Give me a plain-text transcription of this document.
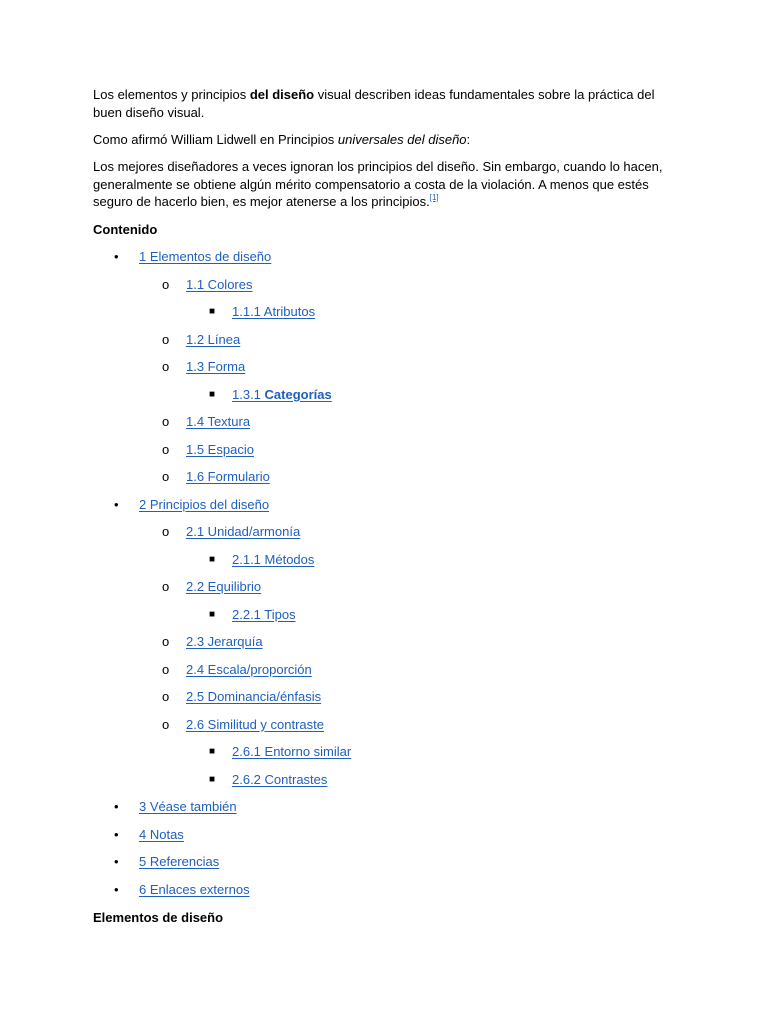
Los elementos y principios del diseño visual describen ideas fundamentales sobre la práctica del buen diseño visual.

Como afirmó William Lidwell en Principios universales del diseño:

Los mejores diseñadores a veces ignoran los principios del diseño. Sin embargo, cuando lo hacen, generalmente se obtiene algún mérito compensatorio a costa de la violación. A menos que estés seguro de hacerlo bien, es mejor atenerse a los principios.[1]

Contenido

• 1 Elementos de diseño
o 1.1 Colores
■ 1.1.1 Atributos
o 1.2 Línea
o 1.3 Forma
■ 1.3.1 Categorías
o 1.4 Textura
o 1.5 Espacio
o 1.6 Formulario
• 2 Principios del diseño
o 2.1 Unidad/armonía
■ 2.1.1 Métodos
o 2.2 Equilibrio
■ 2.2.1 Tipos
o 2.3 Jerarquía
o 2.4 Escala/proporción
o 2.5 Dominancia/énfasis
o 2.6 Similitud y contraste
■ 2.6.1 Entorno similar
■ 2.6.2 Contrastes
• 3 Véase también
• 4 Notas
• 5 Referencias
• 6 Enlaces externos

Elementos de diseño
